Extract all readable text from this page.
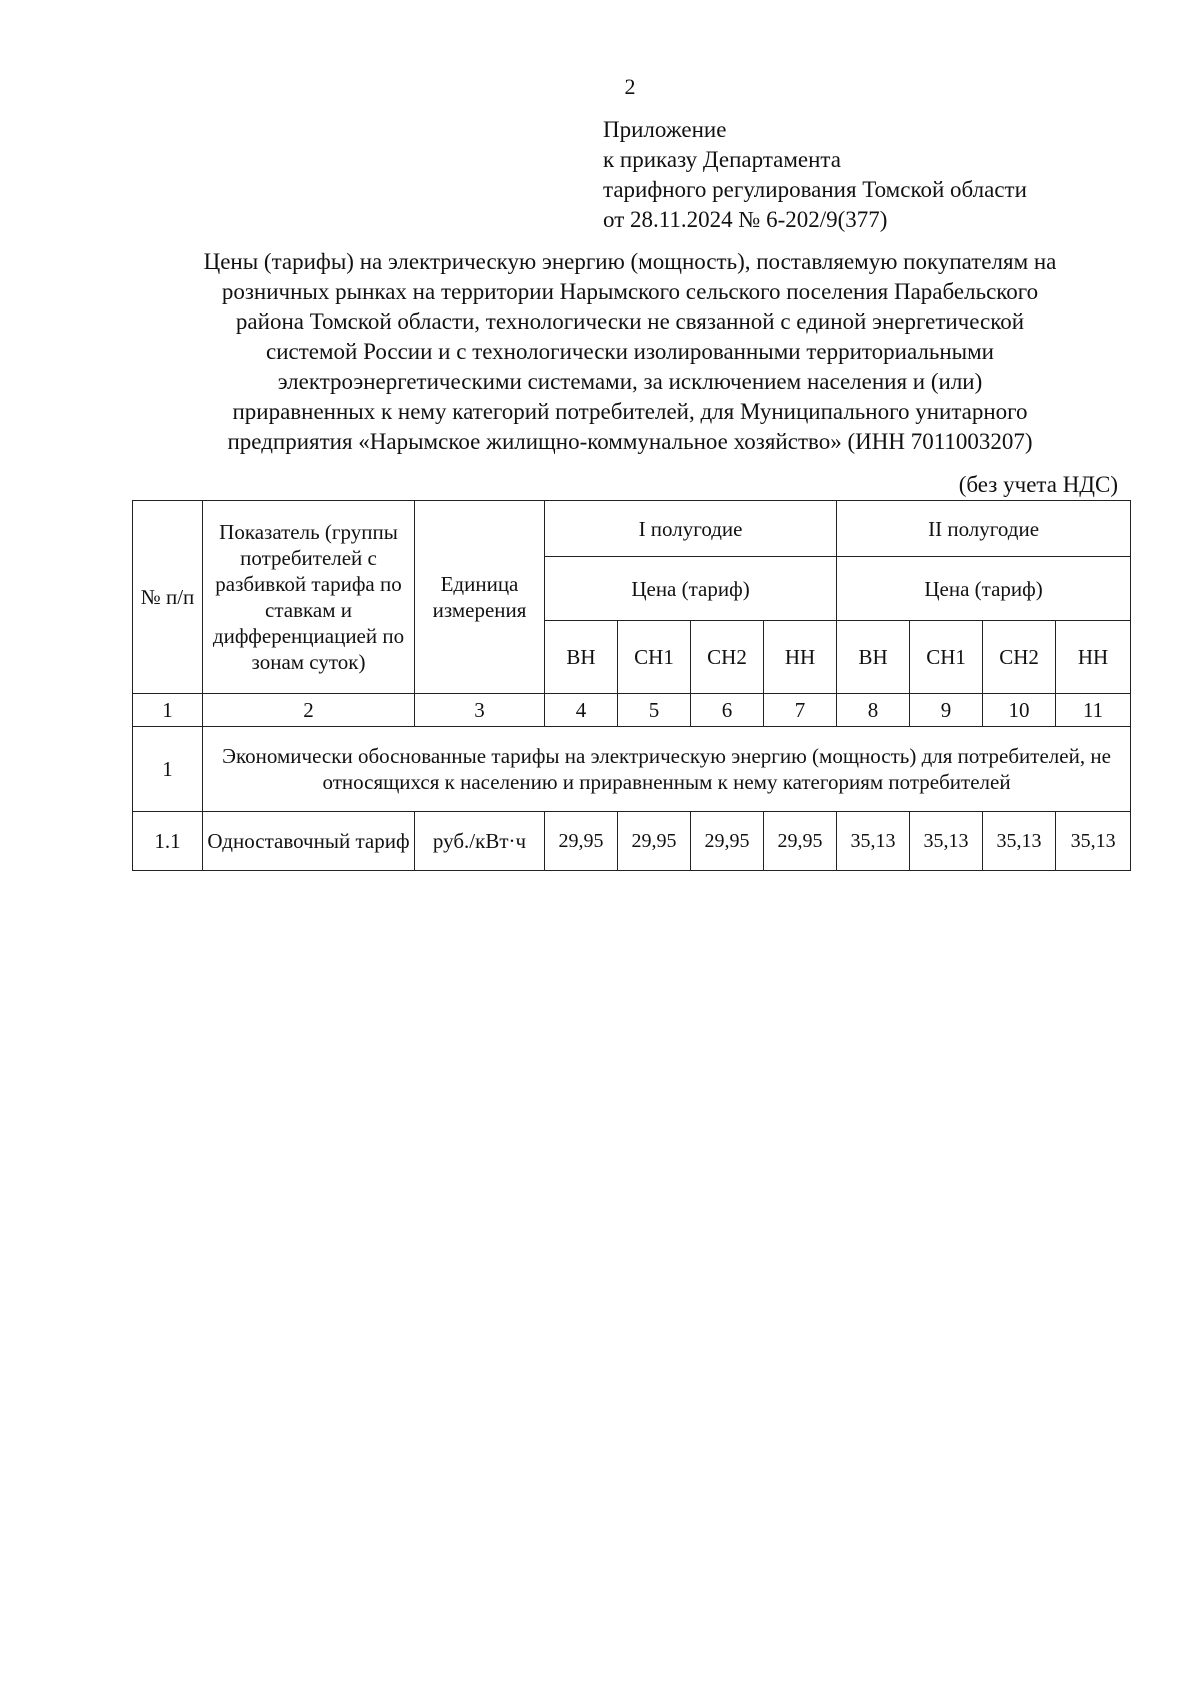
2
Приложение
к приказу Департамента
тарифного регулирования Томской области
от 28.11.2024 № 6-202/9(377)
Цены (тарифы) на электрическую энергию (мощность), поставляемую покупателям на
розничных рынках на территории Нарымского сельского поселения Парабельского
района Томской области, технологически не связанной с единой энергетической
системой России и с технологически изолированными территориальными
электроэнергетическими системами, за исключением населения и (или)
приравненных к нему категорий потребителей, для Муниципального унитарного
предприятия «Нарымское жилищно-коммунальное хозяйство» (ИНН 7011003207)
(без учета НДС)
№ п/п	Показатель (группы потребителей с разбивкой тарифа по ставкам и дифференциацией по зонам суток)	Единица измерения	I полугодие				II полугодие			
			Цена (тариф)				Цена (тариф)			
			ВН	СН1	СН2	НН	ВН	СН1	СН2	НН
1	2	3	4	5	6	7	8	9	10	11
1	Экономически обоснованные тарифы на электрическую энергию (мощность) для потребителей, не относящихся к населению и приравненным к нему категориям потребителей									
1.1	Одноставочный тариф	руб./кВт·ч	29,95	29,95	29,95	29,95	35,13	35,13	35,13	35,13
